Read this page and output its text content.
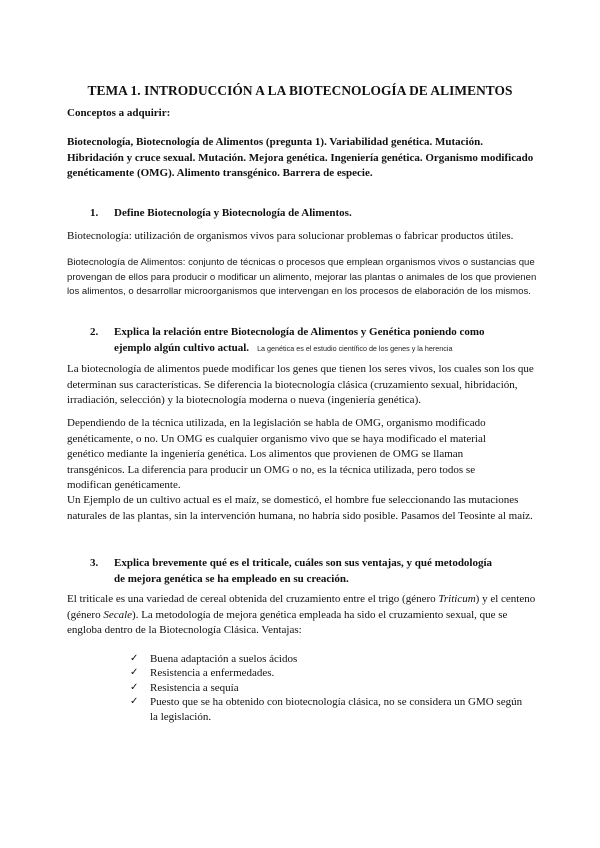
TEMA 1. INTRODUCCIÓN A LA BIOTECNOLOGÍA DE ALIMENTOS
Conceptos a adquirir:
Biotecnología, Biotecnología de Alimentos (pregunta 1). Variabilidad genética. Mutación. Hibridación y cruce sexual. Mutación. Mejora genética. Ingeniería genética. Organismo modificado genéticamente (OMG). Alimento transgénico. Barrera de especie.
1. Define Biotecnología y Biotecnología de Alimentos.
Biotecnología: utilización de organismos vivos para solucionar problemas o fabricar productos útiles.
Biotecnología de Alimentos: conjunto de técnicas o procesos que emplean organismos vivos o sustancias que provengan de ellos para producir o modificar un alimento, mejorar las plantas o animales de los que provienen los alimentos, o desarrollar microorganismos que intervengan en los procesos de elaboración de los mismos.
2. Explica la relación entre Biotecnología de Alimentos y Genética poniendo como
ejemplo algún cultivo actual. La genética es el estudio científico de los genes y la herencia
La biotecnología de alimentos puede modificar los genes que tienen los seres vivos, los cuales son los que determinan sus características. Se diferencia la biotecnología clásica (cruzamiento sexual, hibridación, irradiación, selección) y la biotecnología moderna o nueva (ingeniería genética).
Dependiendo de la técnica utilizada, en la legislación se habla de OMG, organismo modificado genéticamente, o no. Un OMG es cualquier organismo vivo que se haya modificado el material genético mediante la ingeniería genética. Los alimentos que provienen de OMG se llaman transgénicos. La diferencia para producir un OMG o no, es la técnica utilizada, pero todos se modifican genéticamente.
Un Ejemplo de un cultivo actual es el maíz, se domesticó, el hombre fue seleccionando las mutaciones naturales de las plantas, sin la intervención humana, no habría sido posible. Pasamos del Teosinte al maíz.
3. Explica brevemente qué es el triticale, cuáles son sus ventajas, y qué metodología
de mejora genética se ha empleado en su creación.
El triticale es una variedad de cereal obtenida del cruzamiento entre el trigo (género Triticum) y el centeno (género Secale). La metodología de mejora genética empleada ha sido el cruzamiento sexual, que se engloba dentro de la Biotecnología Clásica. Ventajas:
✓ Buena adaptación a suelos ácidos
✓ Resistencia a enfermedades.
✓ Resistencia a sequía
✓ Puesto que se ha obtenido con biotecnología clásica, no se considera un GMO según la legislación.
